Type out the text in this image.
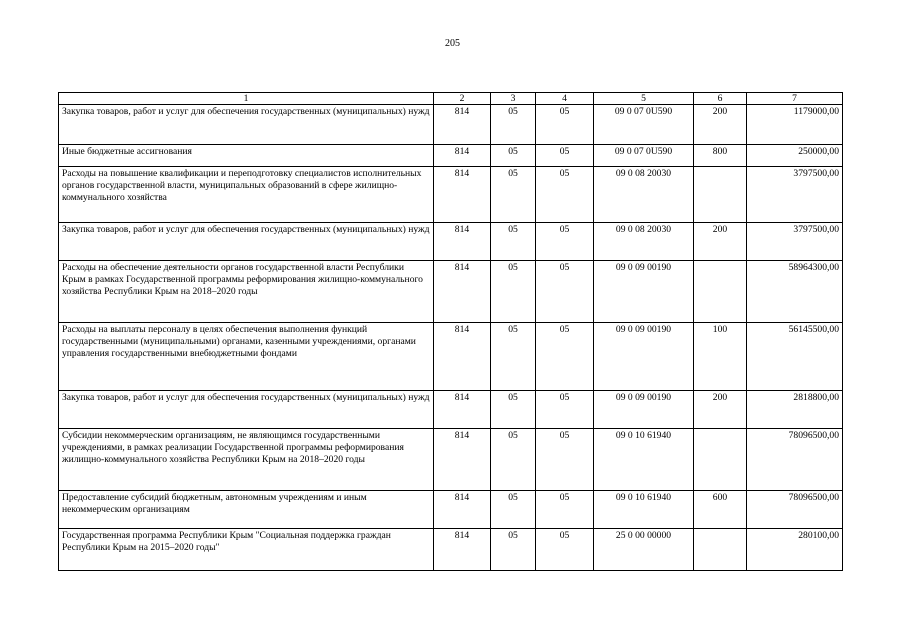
205
1	2	3	4	5	6	7
Закупка товаров, работ и услуг для обеспечения государственных (муниципальных) нужд	814	05	05	09 0 07 0U590	200	1179000,00
Иные бюджетные ассигнования	814	05	05	09 0 07 0U590	800	250000,00
Расходы на повышение квалификации и переподготовку специалистов исполнительных органов государственной власти, муниципальных образований в сфере жилищно-коммунального хозяйства	814	05	05	09 0 08 20030		3797500,00
Закупка товаров, работ и услуг для обеспечения государственных (муниципальных) нужд	814	05	05	09 0 08 20030	200	3797500,00
Расходы на обеспечение деятельности органов государственной власти Республики Крым в рамках Государственной программы реформирования жилищно-коммунального хозяйства Республики Крым на 2018–2020 годы	814	05	05	09 0 09 00190		58964300,00
Расходы на выплаты персоналу в целях обеспечения выполнения функций государственными (муниципальными) органами, казенными учреждениями, органами управления государственными внебюджетными фондами	814	05	05	09 0 09 00190	100	56145500,00
Закупка товаров, работ и услуг для обеспечения государственных (муниципальных) нужд	814	05	05	09 0 09 00190	200	2818800,00
Субсидии некоммерческим организациям, не являющимся государственными учреждениями, в рамках реализации Государственной программы реформирования жилищно-коммунального хозяйства Республики Крым на 2018–2020 годы	814	05	05	09 0 10 61940		78096500,00
Предоставление субсидий бюджетным, автономным учреждениям и иным некоммерческим организациям	814	05	05	09 0 10 61940	600	78096500,00
Государственная программа Республики Крым "Социальная поддержка граждан Республики Крым на 2015–2020 годы"	814	05	05	25 0 00 00000		280100,00
